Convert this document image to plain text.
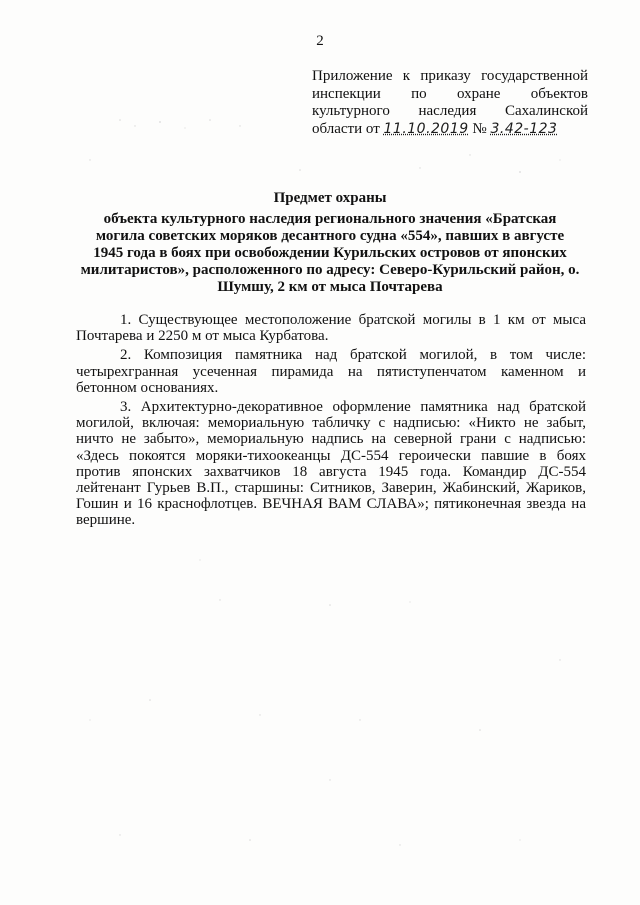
2
Приложение к приказу государственной
инспекции по охране объектов
культурного наследия Сахалинской
области от 11.10.2019 № 3.42-123
Предмет охраны
объекта культурного наследия регионального значения «Братская
могила советских моряков десантного судна «554», павших в августе
1945 года в боях при освобождении Курильских островов от японских
милитаристов», расположенного по адресу: Северо-Курильский район, о.
Шумшу, 2 км от мыса Почтарева

1. Существующее местоположение братской могилы в 1 км от мыса Почтарева и 2250 м от мыса Курбатова.

2. Композиция памятника над братской могилой, в том числе: четырехгранная усеченная пирамида на пятиступенчатом каменном и бетонном основаниях.

3. Архитектурно-декоративное оформление памятника над братской могилой, включая: мемориальную табличку с надписью: «Никто не забыт, ничто не забыто», мемориальную надпись на северной грани с надписью: «Здесь покоятся моряки-тихоокеанцы ДС-554 героически павшие в боях против японских захватчиков 18 августа 1945 года. Командир ДС-554 лейтенант Гурьев В.П., старшины: Ситников, Заверин, Жабинский, Жариков, Гошин и 16 краснофлотцев. ВЕЧНАЯ ВАМ СЛАВА»; пятиконечная звезда на вершине.
